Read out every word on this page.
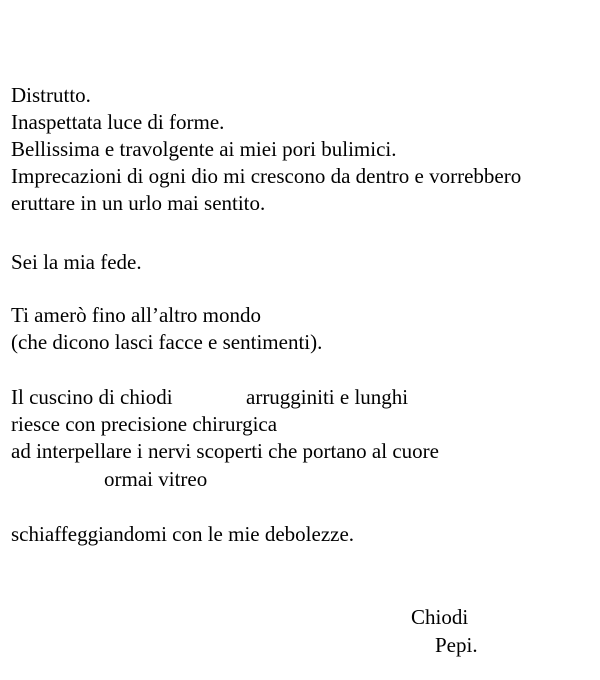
Distrutto.
Inaspettata luce di forme.
Bellissima e travolgente ai miei pori bulimici.
Imprecazioni di ogni dio mi crescono da dentro e vorrebbero
eruttare in un urlo mai sentito.
Sei la mia fede.
Ti amerò fino all’altro mondo
(che dicono lasci facce e sentimenti).

Il cuscino di chiodi

	arrugginiti e lunghi

riesce con precisione chirurgica
ad interpellare i nervi scoperti che portano al cuore
ormai vitreo
schiaffeggiandomi con le mie debolezze.
Chiodi
Pepi.
